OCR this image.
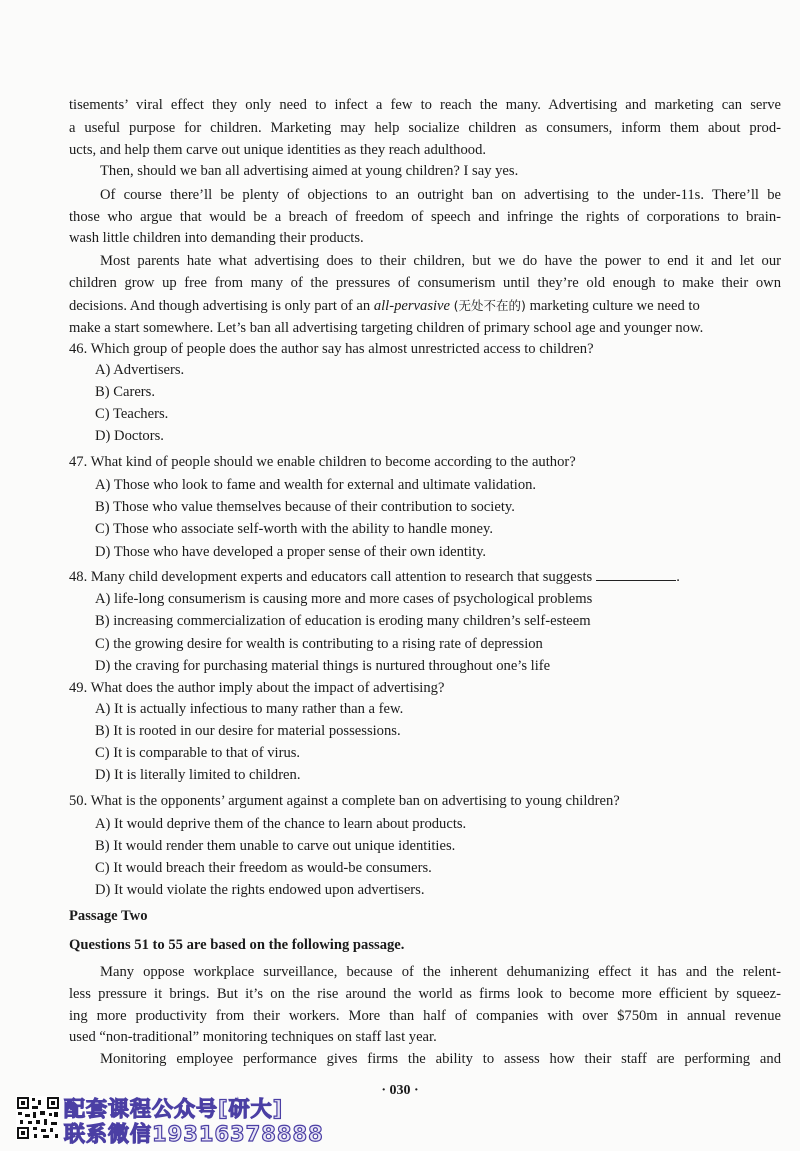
tisements’ viral effect they only need to infect a few to reach the many. Advertising and marketing can serve
a useful purpose for children. Marketing may help socialize children as consumers, inform them about prod-
ucts, and help them carve out unique identities as they reach adulthood.
Then, should we ban all advertising aimed at young children? I say yes.
Of course there’ll be plenty of objections to an outright ban on advertising to the under-11s. There’ll be
those who argue that would be a breach of freedom of speech and infringe the rights of corporations to brain-
wash little children into demanding their products.
Most parents hate what advertising does to their children, but we do have the power to end it and let our
children grow up free from many of the pressures of consumerism until they’re old enough to make their own
decisions. And though advertising is only part of an all-pervasive (无处不在的) marketing culture we need to
make a start somewhere. Let’s ban all advertising targeting children of primary school age and younger now.
46. Which group of people does the author say has almost unrestricted access to children?
A) Advertisers.
B) Carers.
C) Teachers.
D) Doctors.
47. What kind of people should we enable children to become according to the author?
A) Those who look to fame and wealth for external and ultimate validation.
B) Those who value themselves because of their contribution to society.
C) Those who associate self-worth with the ability to handle money.
D) Those who have developed a proper sense of their own identity.
48. Many child development experts and educators call attention to research that suggests	.
A) life-long consumerism is causing more and more cases of psychological problems
B) increasing commercialization of education is eroding many children’s self-esteem
C) the growing desire for wealth is contributing to a rising rate of depression
D) the craving for purchasing material things is nurtured throughout one’s life
49. What does the author imply about the impact of advertising?
A) It is actually infectious to many rather than a few.
B) It is rooted in our desire for material possessions.
C) It is comparable to that of virus.
D) It is literally limited to children.
50. What is the opponents’ argument against a complete ban on advertising to young children?
A) It would deprive them of the chance to learn about products.
B) It would render them unable to carve out unique identities.
C) It would breach their freedom as would-be consumers.
D) It would violate the rights endowed upon advertisers.
Passage Two
Questions 51 to 55 are based on the following passage.
Many oppose workplace surveillance, because of the inherent dehumanizing effect it has and the relent-
less pressure it brings. But it’s on the rise around the world as firms look to become more efficient by squeez-
ing more productivity from their workers. More than half of companies with over $750m in annual revenue
used “non-traditional” monitoring techniques on staff last year.
Monitoring employee performance gives firms the ability to assess how their staff are performing and
· 030 ·
配套课程公众号[研大]
联系微信19316378888
